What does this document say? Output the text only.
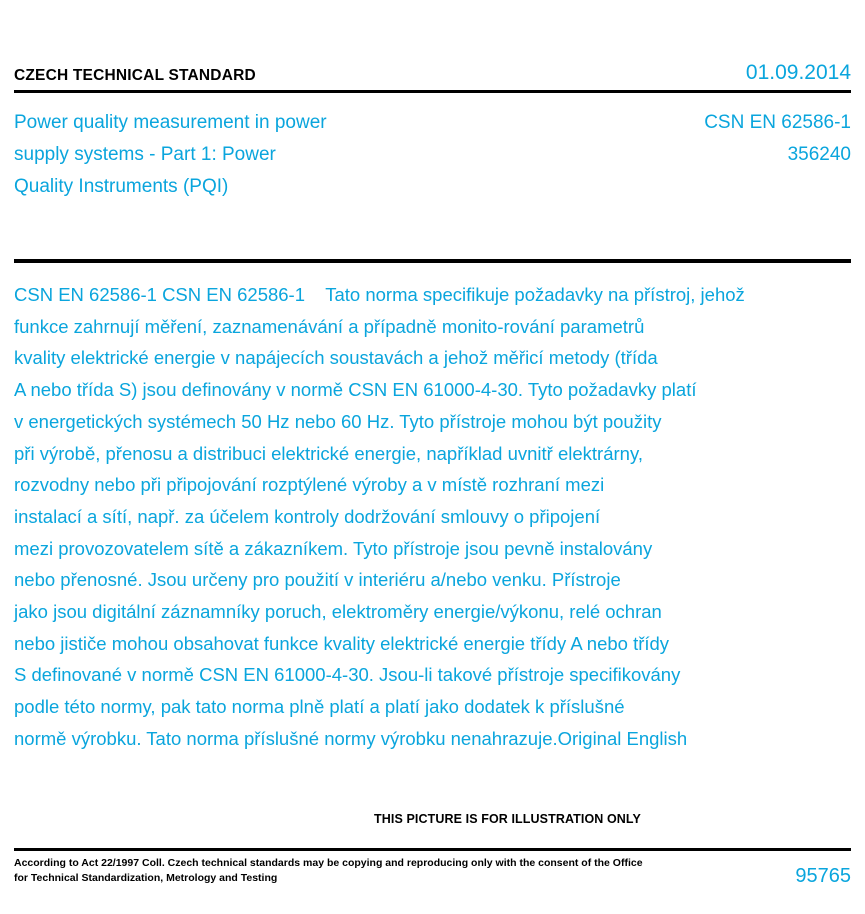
CZECH TECHNICAL STANDARD	01.09.2014
Power quality measurement in power
supply systems - Part 1: Power
Quality Instruments (PQI)
CSN EN 62586-1
356240
CSN EN 62586-1 CSN EN 62586-1    Tato norma specifikuje požadavky na přístroj, jehož
funkce zahrnují měření, zaznamenávání a případně monito-rování parametrů
kvality elektrické energie v napájecích soustavách a jehož měřicí metody (třída
A nebo třída S) jsou definovány v normě CSN EN 61000-4-30. Tyto požadavky platí
v energetických systémech 50 Hz nebo 60 Hz. Tyto přístroje mohou být použity
při výrobě, přenosu a distribuci elektrické energie, například uvnitř elektrárny,
rozvodny nebo při připojování rozptýlené výroby a v místě rozhraní mezi
instalací a sítí, např. za účelem kontroly dodržování smlouvy o připojení
mezi provozovatelem sítě a zákazníkem. Tyto přístroje jsou pevně instalovány
nebo přenosné. Jsou určeny pro použití v interiéru a/nebo venku. Přístroje
jako jsou digitální záznamníky poruch, elektroměry energie/výkonu, relé ochran
nebo jističe mohou obsahovat funkce kvality elektrické energie třídy A nebo třídy
S definované v normě CSN EN 61000-4-30. Jsou-li takové přístroje specifikovány
podle této normy, pak tato norma plně platí a platí jako dodatek k příslušné
normě výrobku. Tato norma příslušné normy výrobku nenahrazuje.Original English
THIS PICTURE IS FOR ILLUSTRATION ONLY
According to Act 22/1997 Coll. Czech technical standards may be copying and reproducing only with the consent of the Office
for Technical Standardization, Metrology and Testing	95765
